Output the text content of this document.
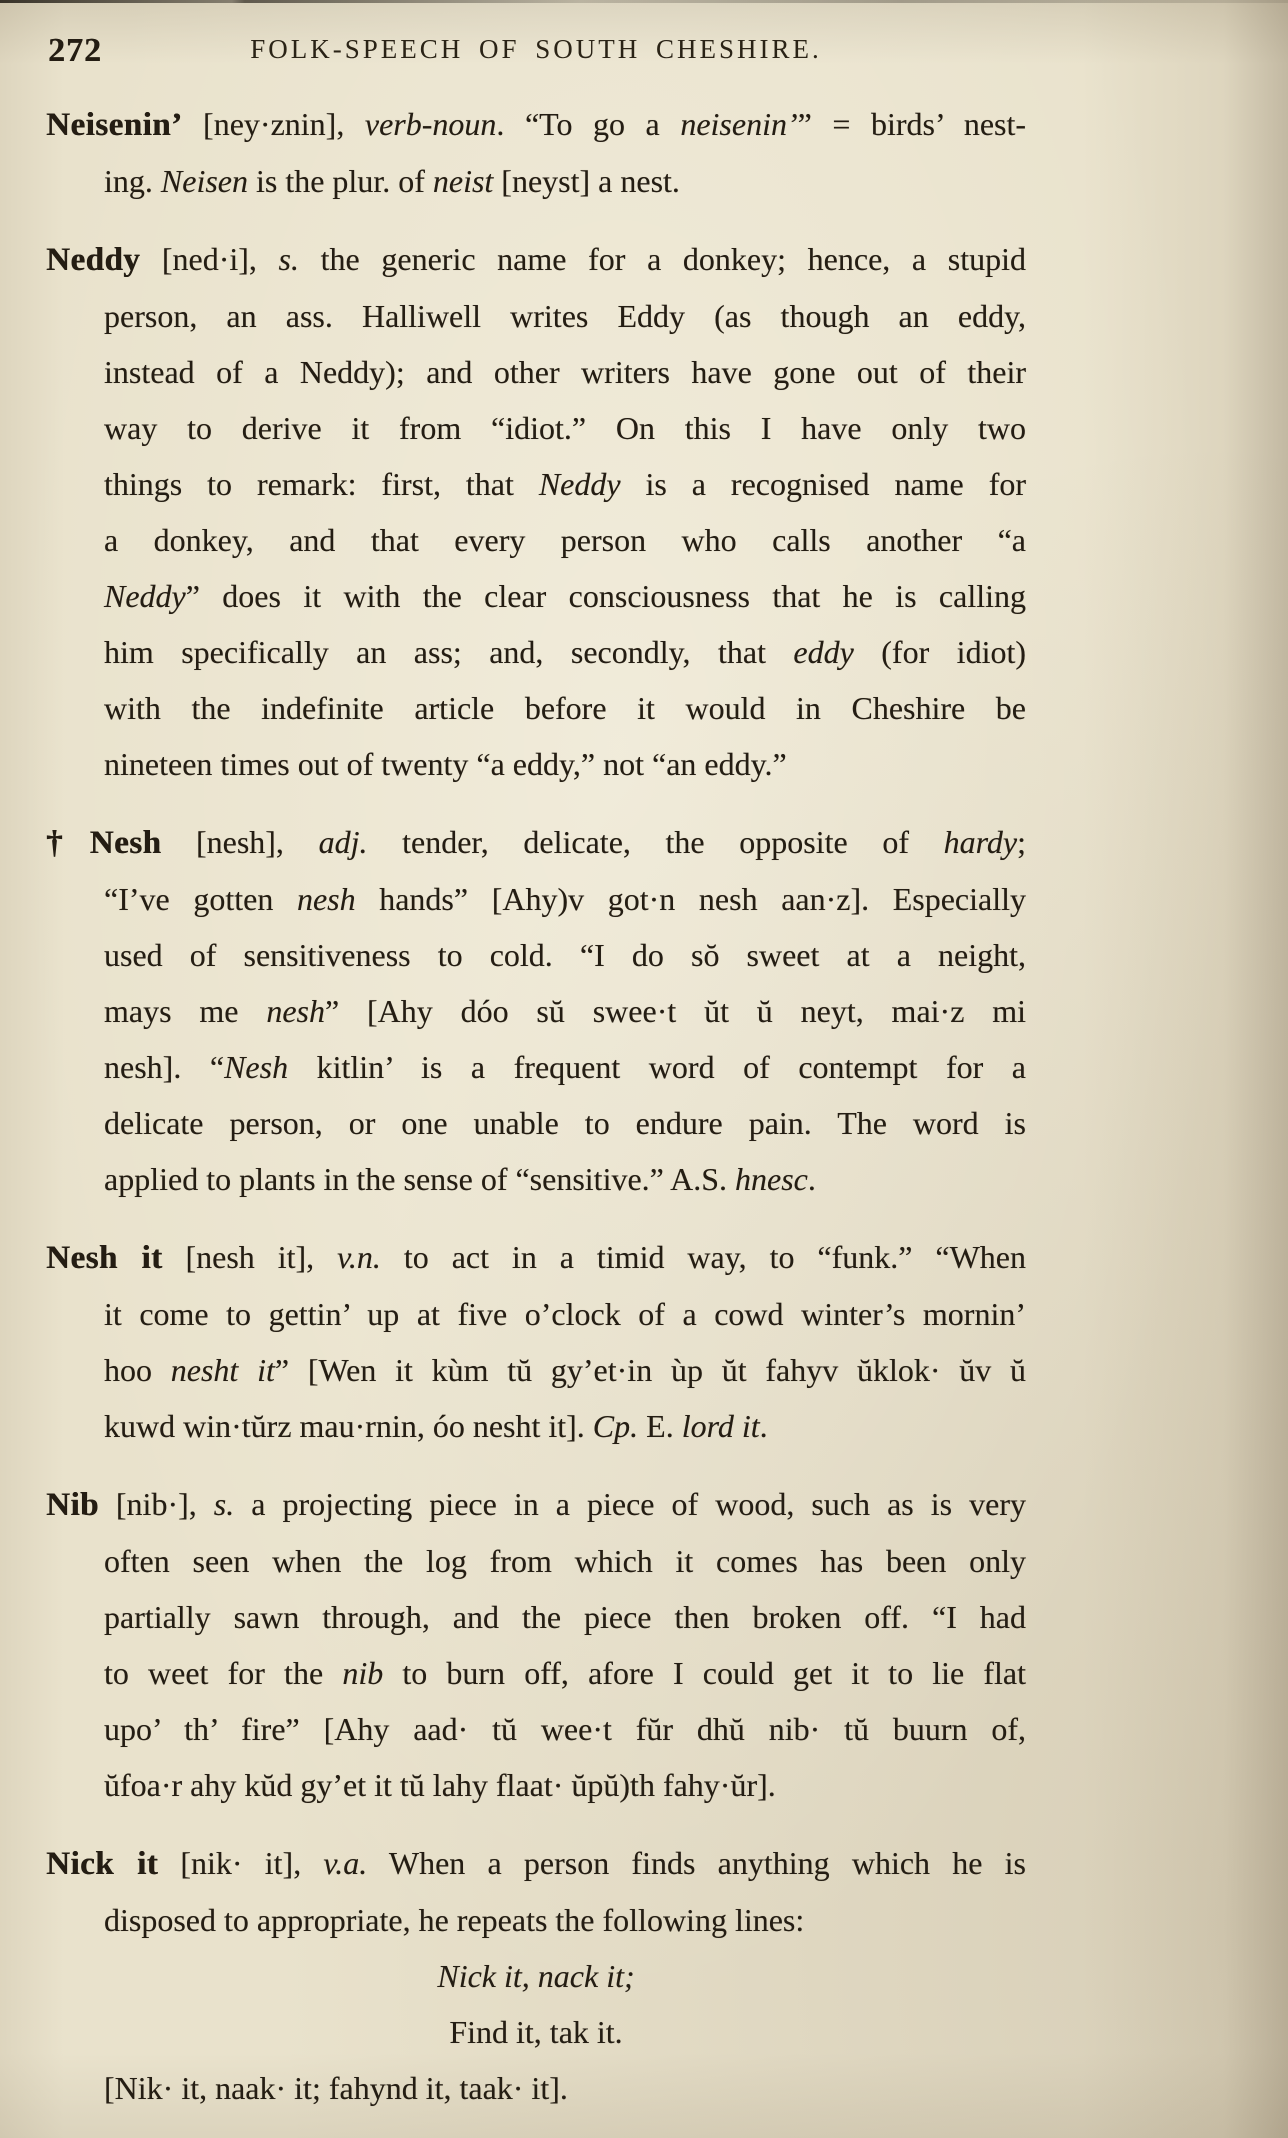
272	FOLK-SPEECH OF SOUTH CHESHIRE.
Neisenin’ [ney·znin], verb-noun. “To go a neisenin’” = birds’ nest-
ing. Neisen is the plur. of neist [neyst] a nest.
Neddy [ned·i], s. the generic name for a donkey; hence, a stupid
person, an ass. Halliwell writes Eddy (as though an eddy,
instead of a Neddy); and other writers have gone out of their
way to derive it from “idiot.” On this I have only two
things to remark: first, that Neddy is a recognised name for
a donkey, and that every person who calls another “a
Neddy” does it with the clear consciousness that he is calling
him specifically an ass; and, secondly, that eddy (for idiot)
with the indefinite article before it would in Cheshire be
nineteen times out of twenty “a eddy,” not “an eddy.”
†Nesh [nesh], adj. tender, delicate, the opposite of hardy;
“I’ve gotten nesh hands” [Ahy)v got·n nesh aan·z]. Especially
used of sensitiveness to cold. “I do sŏ sweet at a neight,
mays me nesh” [Ahy dóo sŭ swee·t ŭt ŭ neyt, mai·z mi
nesh]. “Nesh kitlin’ is a frequent word of contempt for a
delicate person, or one unable to endure pain. The word is
applied to plants in the sense of “sensitive.” A.S. hnesc.
Nesh it [nesh it], v.n. to act in a timid way, to “funk.” “When
it come to gettin’ up at five o’clock of a cowd winter’s mornin’
hoo nesht it” [Wen it kùm tŭ gy’et·in ùp ŭt fahyv ŭklok· ŭv ŭ
kuwd win·tŭrz mau·rnin, óo nesht it]. Cp. E. lord it.
Nib [nib·], s. a projecting piece in a piece of wood, such as is very
often seen when the log from which it comes has been only
partially sawn through, and the piece then broken off. “I had
to weet for the nib to burn off, afore I could get it to lie flat
upo’ th’ fire” [Ahy aad· tŭ wee·t fŭr dhŭ nib· tŭ buurn of,
ŭfoa·r ahy kŭd gy’et it tŭ lahy flaat· ŭpŭ)th fahy·ŭr].
Nick it [nik· it], v.a. When a person finds anything which he is
disposed to appropriate, he repeats the following lines:
Nick it, nack it;
Find it, tak it.
[Nik· it, naak· it; fahynd it, taak· it].
